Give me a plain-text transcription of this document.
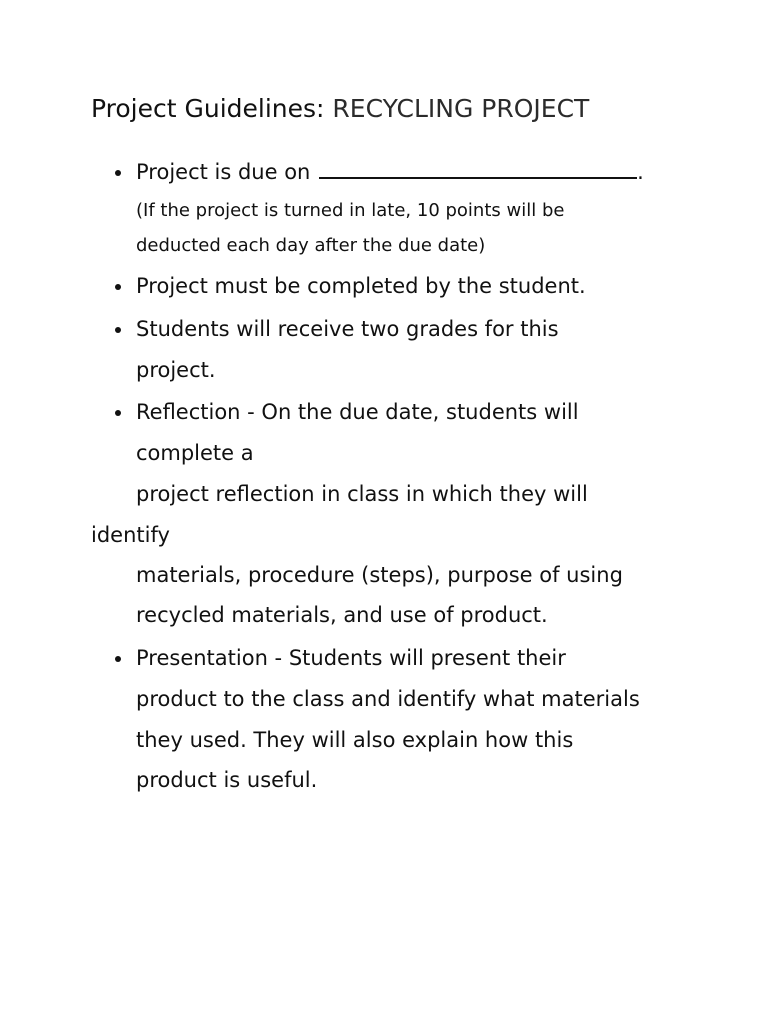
Project Guidelines: RECYCLING PROJECT
Project is due on	.
(If the project is turned in late, 10 points will be
deducted each day after the due date)
Project must be completed by the student.
Students will receive two grades for this
project.
Reflection - On the due date, students will
complete a
project reflection in class in which they will
identify
materials, procedure (steps), purpose of using
recycled materials, and use of product.
Presentation - Students will present their
product to the class and identify what materials
they used. They will also explain how this
product is useful.
